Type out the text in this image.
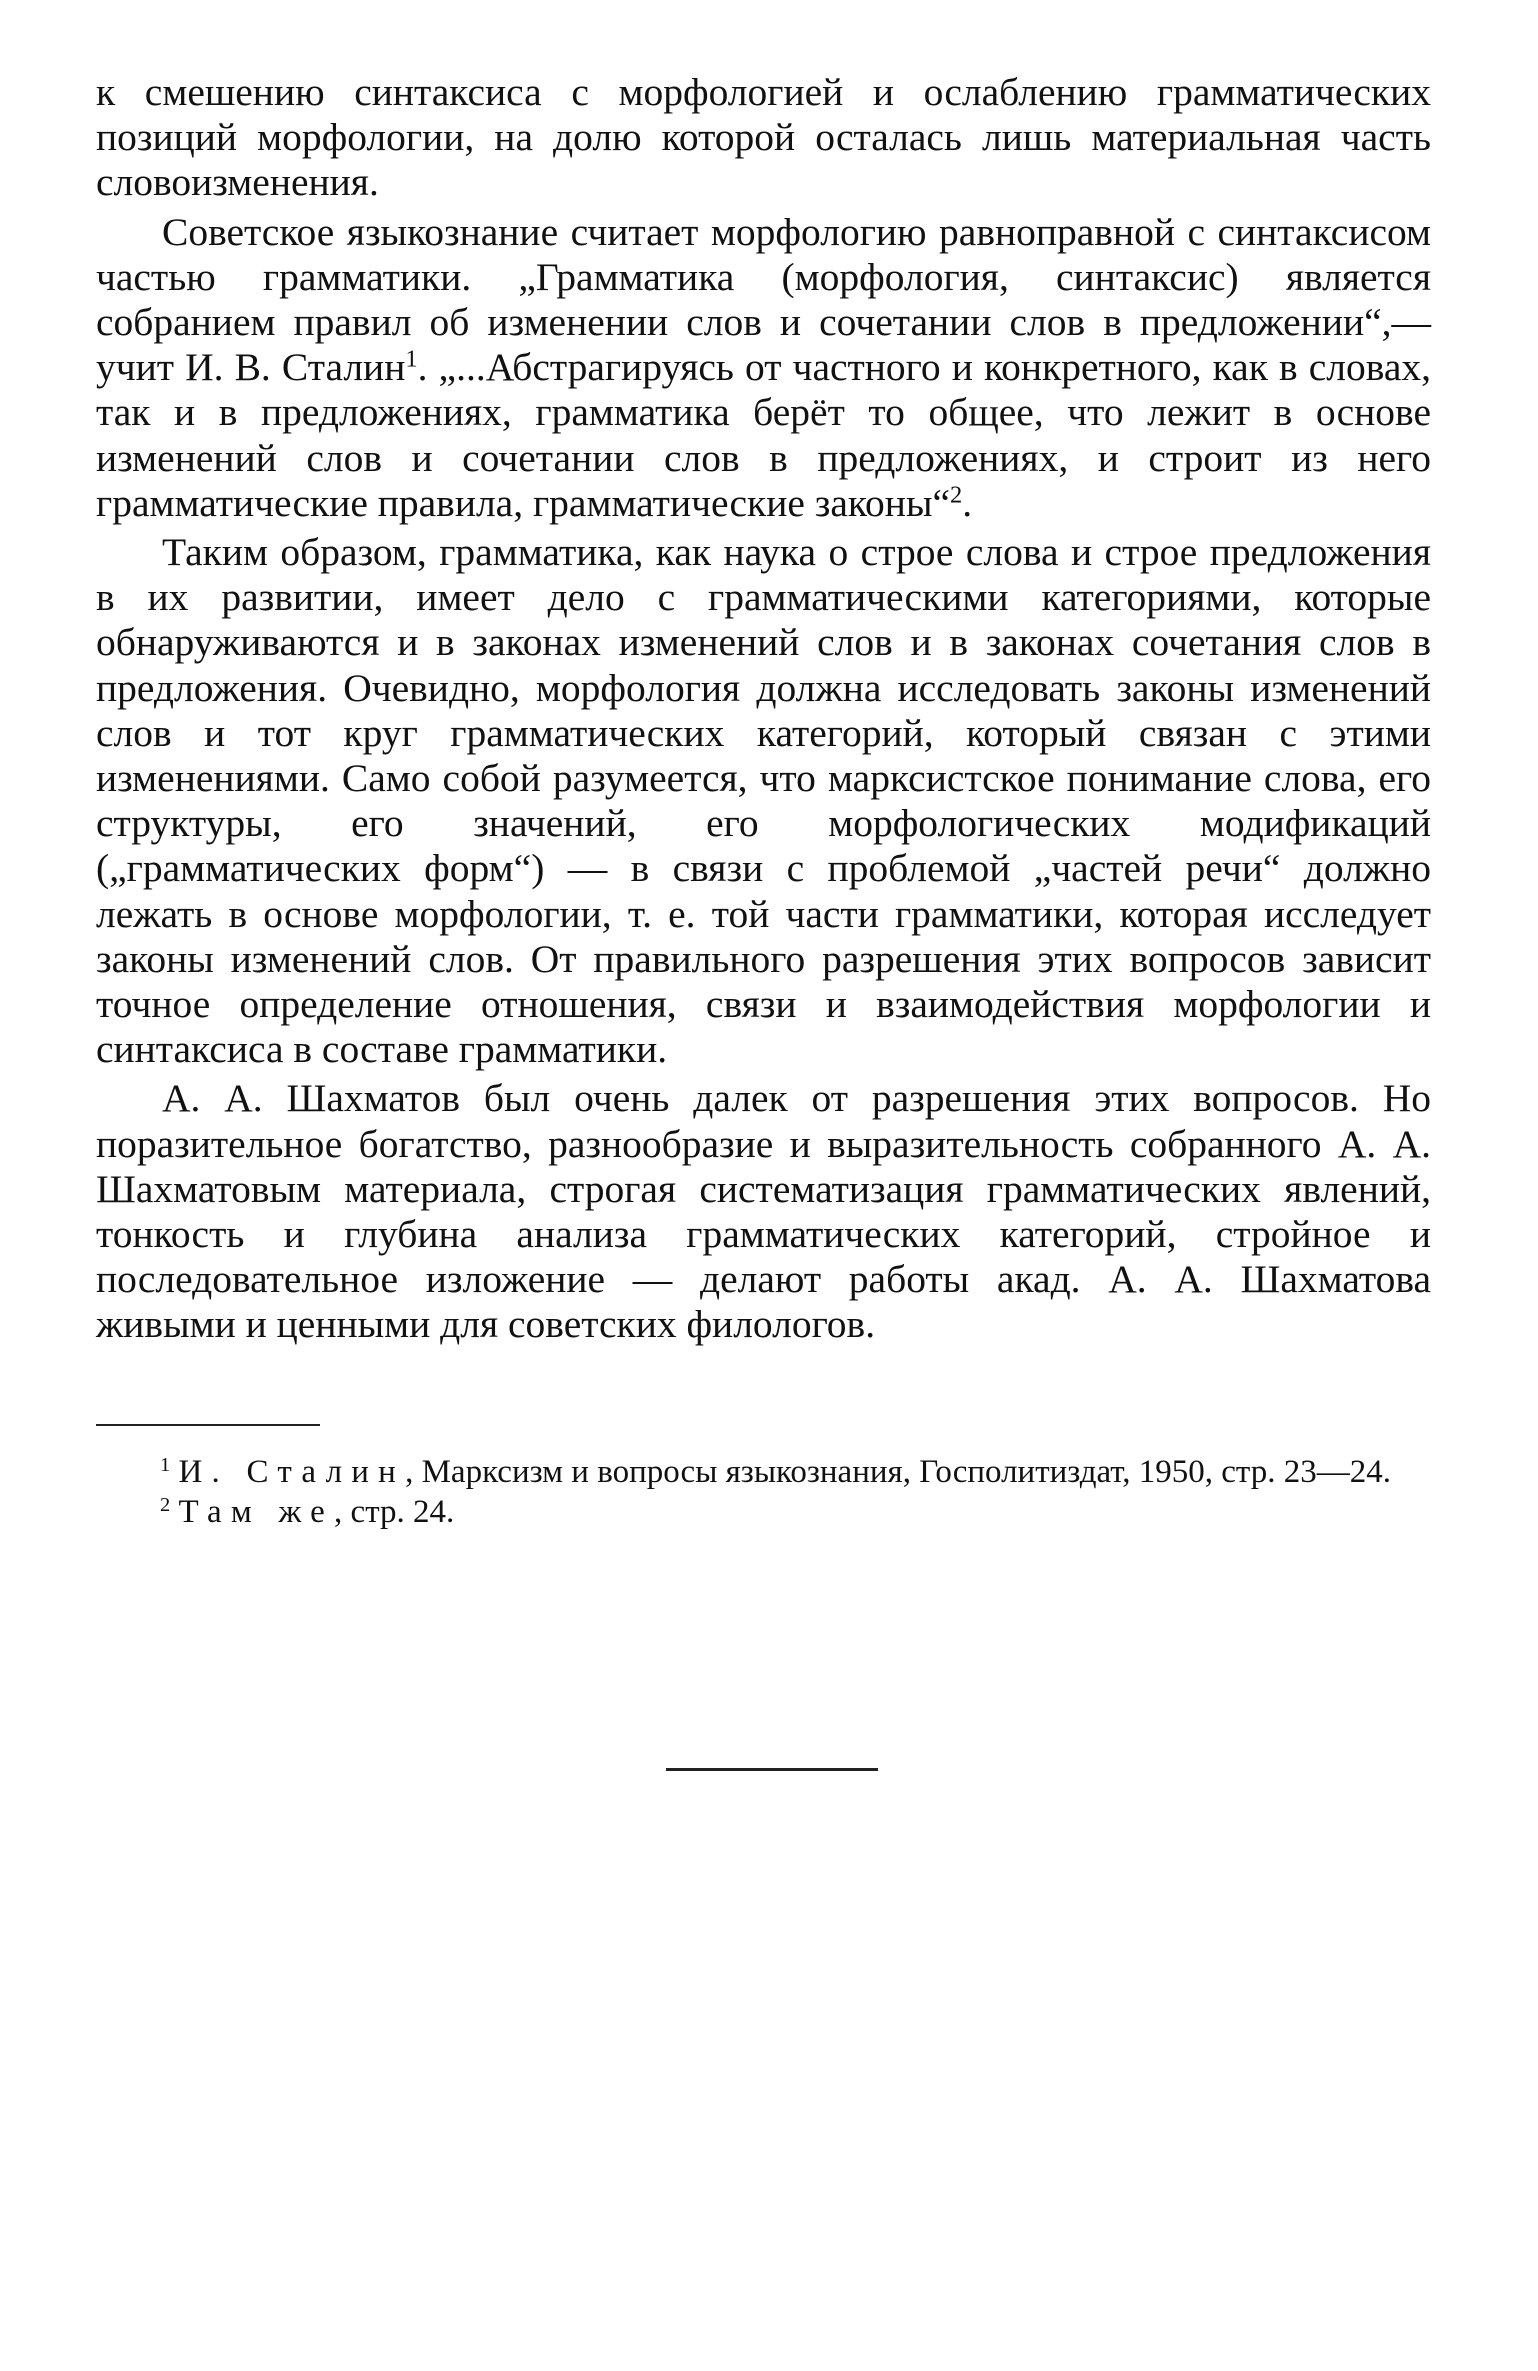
к смешению синтаксиса с морфологией и ослаблению грамматических позиций морфологии, на долю которой осталась лишь материальная часть словоизменения.

Советское языкознание считает морфологию равноправной с синтаксисом частью грамматики. „Грамматика (морфология, синтаксис) является собранием правил об изменении слов и сочетании слов в предложении“,— учит И. В. Сталин$^1$. „...Абстрагируясь от частного и конкретного, как в словах, так и в предложениях, грамматика берёт то общее, что лежит в основе изменений слов и сочетании слов в предложениях, и строит из него грамматические правила, грамматические законы“$^2$.

Таким образом, грамматика, как наука о строе слова и строе предложения в их развитии, имеет дело с грамматическими категориями, которые обнаруживаются и в законах изменений слов и в законах сочетания слов в предложения. Очевидно, морфология должна исследовать законы изменений слов и тот круг грамматических категорий, который связан с этими изменениями. Само собой разумеется, что марксистское понимание слова, его структуры, его значений, его морфологических модификаций („грамматических форм“) — в связи с проблемой „частей речи“ должно лежать в основе морфологии, т. е. той части грамматики, которая исследует законы изменений слов. От правильного разрешения этих вопросов зависит точное определение отношения, связи и взаимодействия морфологии и синтаксиса в составе грамматики.

А. А. Шахматов был очень далек от разрешения этих вопросов. Но поразительное богатство, разнообразие и выразительность собранного А. А. Шахматовым материала, строгая систематизация грамматических явлений, тонкость и глубина анализа грамматических категорий, стройное и последовательное изложение — делают работы акад. А. А. Шахматова живыми и ценными для советских филологов.

$^1$ И. Сталин, Марксизм и вопросы языкознания, Госполитиздат, 1950, стр. 23—24.

$^2$ Там же, стр. 24.
